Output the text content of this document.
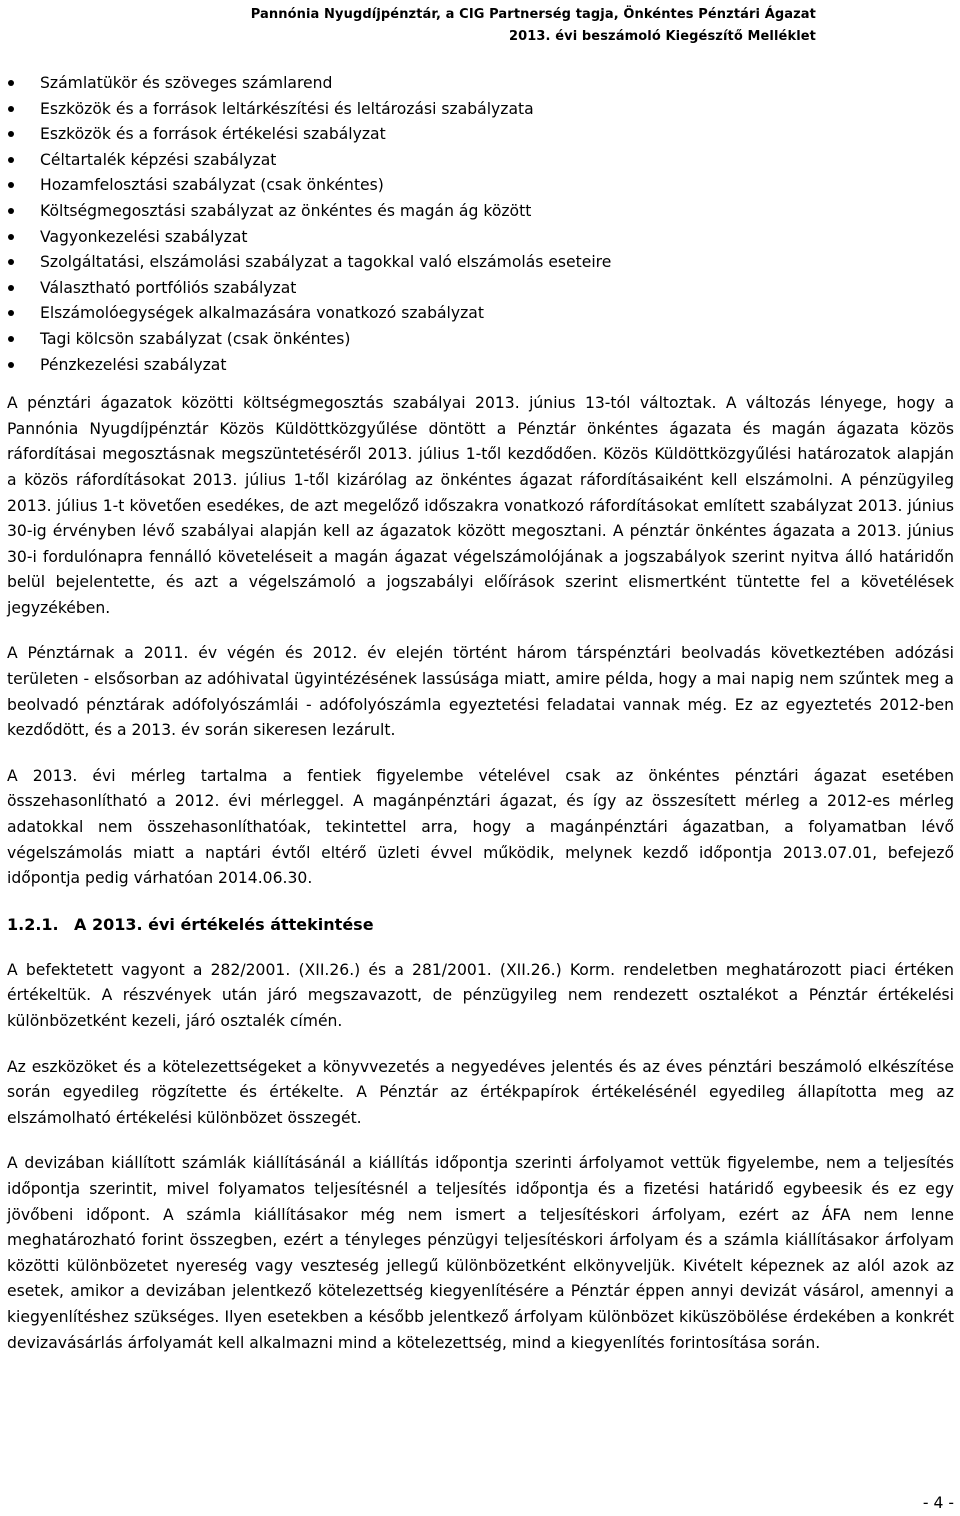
Pannónia Nyugdíjpénztár, a CIG Partnerség tagja, Önkéntes Pénztári Ágazat
2013. évi beszámoló Kiegészítő Melléklet
Számlatükör és szöveges számlarend
Eszközök és a források leltárkészítési és leltározási szabályzata
Eszközök és a források értékelési szabályzat
Céltartalék képzési szabályzat
Hozamfelosztási szabályzat (csak önkéntes)
Költségmegosztási szabályzat az önkéntes és magán ág között
Vagyonkezelési szabályzat
Szolgáltatási, elszámolási szabályzat a tagokkal való elszámolás eseteire
Választható portfóliós szabályzat
Elszámolóegységek alkalmazására vonatkozó szabályzat
Tagi kölcsön szabályzat (csak önkéntes)
Pénzkezelési szabályzat

A pénztári ágazatok közötti költségmegosztás szabályai 2013. június 13-tól változtak. A változás lényege, hogy a Pannónia Nyugdíjpénztár Közös Küldöttközgyűlése döntött a Pénztár önkéntes ágazata és magán ágazata közös ráfordításai megosztásnak megszüntetéséről 2013. július 1-től kezdődően. Közös Küldöttközgyűlési határozatok alapján a közös ráfordításokat 2013. július 1-től kizárólag az önkéntes ágazat ráfordításaiként kell elszámolni. A pénzügyileg 2013. július 1-t követően esedékes, de azt megelőző időszakra vonatkozó ráfordításokat említett szabályzat 2013. június 30-ig érvényben lévő szabályai alapján kell az ágazatok között megosztani. A pénztár önkéntes ágazata a 2013. június 30-i fordulónapra fennálló követeléseit a magán ágazat végelszámolójának a jogszabályok szerint nyitva álló határidőn belül bejelentette, és azt a végelszámoló a jogszabályi előírások szerint elismertként tüntette fel a követélések jegyzékében.

A Pénztárnak a 2011. év végén és 2012. év elején történt három társpénztári beolvadás következtében adózási területen - elsősorban az adóhivatal ügyintézésének lassúsága miatt, amire példa, hogy a mai napig nem szűntek meg a beolvadó pénztárak adófolyószámlái - adófolyószámla egyeztetési feladatai vannak még. Ez az egyeztetés 2012-ben kezdődött, és a 2013. év során sikeresen lezárult.

A 2013. évi mérleg tartalma a fentiek figyelembe vételével csak az önkéntes pénztári ágazat esetében összehasonlítható a 2012. évi mérleggel. A magánpénztári ágazat, és így az összesített mérleg a 2012-es mérleg adatokkal nem összehasonlíthatóak, tekintettel arra, hogy a magánpénztári ágazatban, a folyamatban lévő végelszámolás miatt a naptári évtől eltérő üzleti évvel működik, melynek kezdő időpontja 2013.07.01, befejező időpontja pedig várhatóan 2014.06.30.

1.2.1. A 2013. évi értékelés áttekintése

A befektetett vagyont a 282/2001. (XII.26.) és a 281/2001. (XII.26.) Korm. rendeletben meghatározott piaci értéken értékeltük. A részvények után járó megszavazott, de pénzügyileg nem rendezett osztalékot a Pénztár értékelési különbözetként kezeli, járó osztalék címén.

Az eszközöket és a kötelezettségeket a könyvvezetés a negyedéves jelentés és az éves pénztári beszámoló elkészítése során egyedileg rögzítette és értékelte. A Pénztár az értékpapírok értékelésénél egyedileg állapította meg az elszámolható értékelési különbözet összegét.

A devizában kiállított számlák kiállításánál a kiállítás időpontja szerinti árfolyamot vettük figyelembe, nem a teljesítés időpontja szerintit, mivel folyamatos teljesítésnél a teljesítés időpontja és a fizetési határidő egybeesik és ez egy jövőbeni időpont. A számla kiállításakor még nem ismert a teljesítéskori árfolyam, ezért az ÁFA nem lenne meghatározható forint összegben, ezért a tényleges pénzügyi teljesítéskori árfolyam és a számla kiállításakor árfolyam közötti különbözetet nyereség vagy veszteség jellegű különbözetként elkönyveljük. Kivételt képeznek az alól azok az esetek, amikor a devizában jelentkező kötelezettség kiegyenlítésére a Pénztár éppen annyi devizát vásárol, amennyi a kiegyenlítéshez szükséges. Ilyen esetekben a később jelentkező árfolyam különbözet kiküszöbölése érdekében a konkrét devizavásárlás árfolyamát kell alkalmazni mind a kötelezettség, mind a kiegyenlítés forintosítása során.

- 4 -
